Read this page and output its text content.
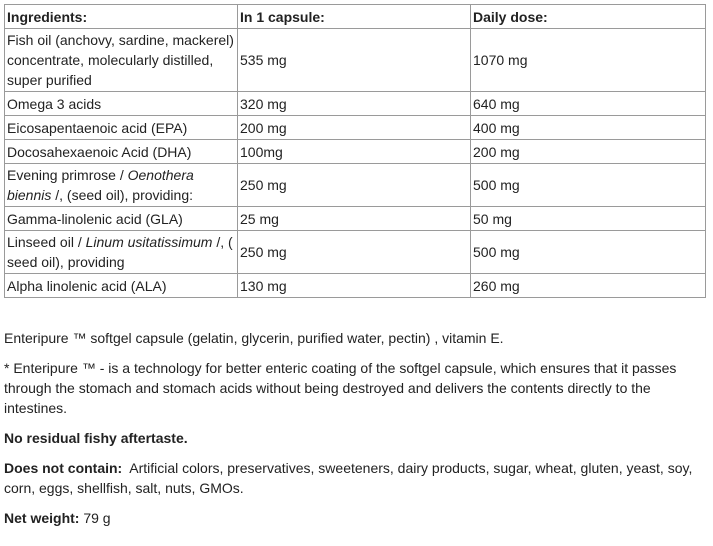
Ingredients:	In 1 capsule:	Daily dose:
Fish oil (anchovy, sardine, mackerel) concentrate, molecularly distilled, super purified	535 mg	1070 mg
Omega 3 acids	320 mg	640 mg
Eicosapentaenoic acid (EPA)	200 mg	400 mg
Docosahexaenoic Acid (DHA)	100mg	200 mg
Evening primrose / Oenothera biennis /, (seed oil), providing:	250 mg	500 mg
Gamma-linolenic acid (GLA)	25 mg	50 mg
Linseed oil / Linum usitatissimum /, ( seed oil), providing	250 mg	500 mg
Alpha linolenic acid (ALA)	130 mg	260 mg

Enteripure ™ softgel capsule (gelatin, glycerin, purified water, pectin) , vitamin E.

* Enteripure ™ - is a technology for better enteric coating of the softgel capsule, which ensures that it passes through the stomach and stomach acids without being destroyed and delivers the contents directly to the intestines.

No residual fishy aftertaste.

Does not contain:  Artificial colors, preservatives, sweeteners, dairy products, sugar, wheat, gluten, yeast, soy, corn, eggs, shellfish, salt, nuts, GMOs.

Net weight: 79 g
